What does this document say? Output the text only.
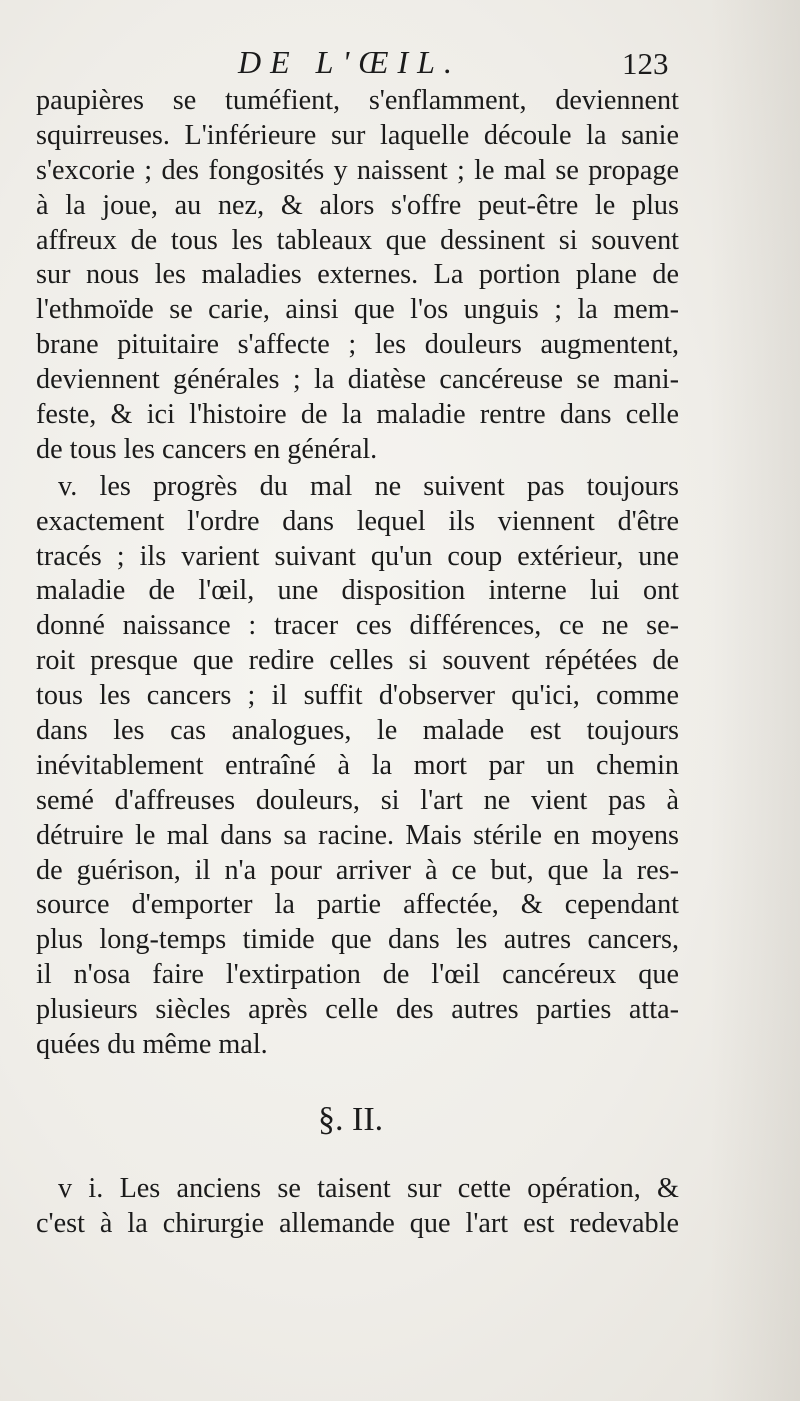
DE L'ŒIL.	123
paupières se tuméfient, s'enflamment, deviennent
squirreuses. L'inférieure sur laquelle découle la sanie
s'excorie ; des fongosités y naissent ; le mal se propage
à la joue, au nez, & alors s'offre peut-être le plus
affreux de tous les tableaux que dessinent si souvent
sur nous les maladies externes. La portion plane de
l'ethmoïde se carie, ainsi que l'os unguis ; la mem-
brane pituitaire s'affecte ; les douleurs augmentent,
deviennent générales ; la diatèse cancéreuse se mani-
feste, & ici l'histoire de la maladie rentre dans celle
de tous les cancers en général.
v. les progrès du mal ne suivent pas toujours
exactement l'ordre dans lequel ils viennent d'être
tracés ; ils varient suivant qu'un coup extérieur, une
maladie de l'œil, une disposition interne lui ont
donné naissance : tracer ces différences, ce ne se-
roit presque que redire celles si souvent répétées de
tous les cancers ; il suffit d'observer qu'ici, comme
dans les cas analogues, le malade est toujours
inévitablement entraîné à la mort par un chemin
semé d'affreuses douleurs, si l'art ne vient pas à
détruire le mal dans sa racine. Mais stérile en moyens
de guérison, il n'a pour arriver à ce but, que la res-
source d'emporter la partie affectée, & cependant
plus long-temps timide que dans les autres cancers,
il n'osa faire l'extirpation de l'œil cancéreux que
plusieurs siècles après celle des autres parties atta-
quées du même mal.
§. II.
v i. Les anciens se taisent sur cette opération, &
c'est à la chirurgie allemande que l'art est redevable
